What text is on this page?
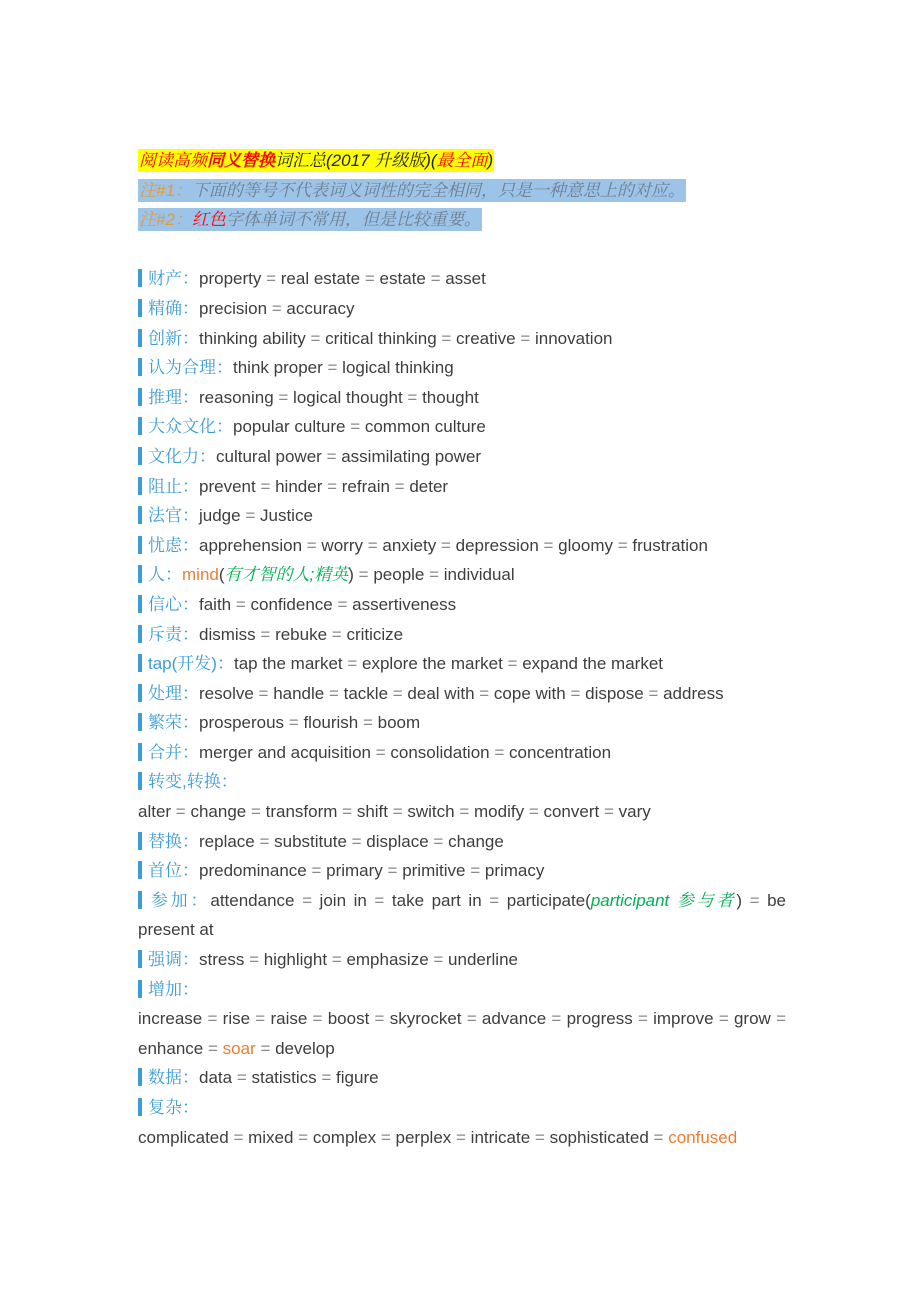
阅读高频同义替换词汇总(2017 升级版)(最全面)
注#1：下面的等号不代表词义词性的完全相同，只是一种意思上的对应。
注#2：红色字体单词不常用，但是比较重要。
财产：property = real estate = estate = asset
精确：precision = accuracy
创新：thinking ability = critical thinking = creative = innovation
认为合理：think proper = logical thinking
推理：reasoning = logical thought = thought
大众文化：popular culture = common culture
文化力：cultural power = assimilating power
阻止：prevent = hinder = refrain = deter
法官：judge = Justice
忧虑：apprehension = worry = anxiety = depression = gloomy = frustration
人：mind(有才智的人;精英) = people = individual
信心：faith = confidence = assertiveness
斥责：dismiss = rebuke = criticize
tap(开发)：tap the market = explore the market = expand the market
处理：resolve = handle = tackle = deal with = cope with = dispose = address
繁荣：prosperous = flourish = boom
合并：merger and acquisition = consolidation = concentration
转变,转换：
alter = change = transform = shift = switch = modify = convert = vary
替换：replace = substitute = displace = change
首位：predominance = primary = primitive = primacy
参加：attendance = join in = take part in = participate(participant 参与者) = be present at
强调：stress = highlight = emphasize = underline
增加：
increase = rise = raise = boost = skyrocket = advance = progress = improve = grow = enhance = soar = develop
数据：data = statistics = figure
复杂：
complicated = mixed = complex = perplex = intricate = sophisticated = confused
